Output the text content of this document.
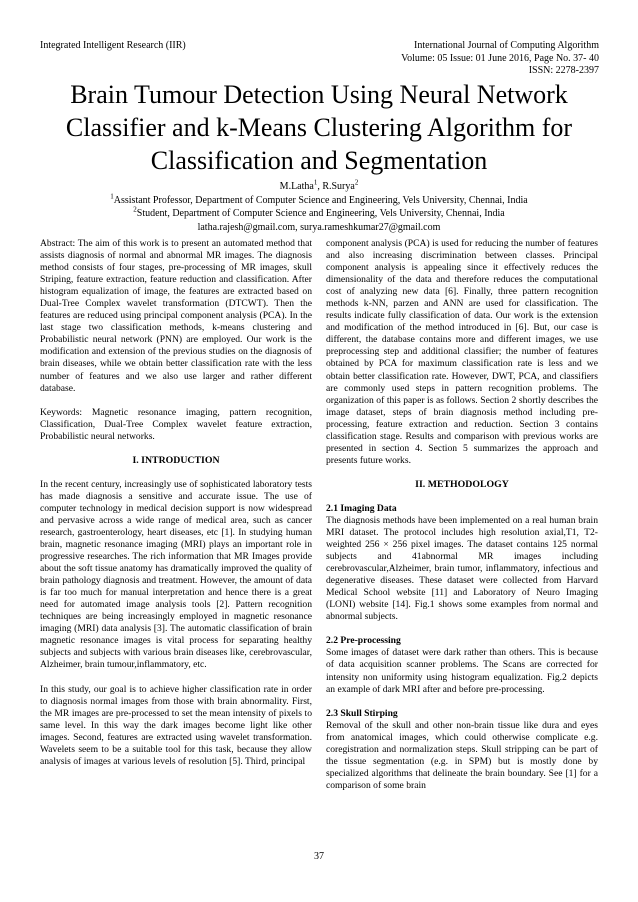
Integrated Intelligent Research (IIR)	International Journal of Computing Algorithm
Volume: 05 Issue: 01 June 2016, Page No. 37- 40
ISSN: 2278-2397
Brain Tumour Detection Using Neural Network
Classifier and k-Means Clustering Algorithm for
Classification and Segmentation
M.Latha$^1$, R.Surya$^2$
$^1$Assistant Professor, Department of Computer Science and Engineering, Vels University, Chennai, India
$^2$Student, Department of Computer Science and Engineering, Vels University, Chennai, India
latha.rajesh@gmail.com, surya.rameshkumar27@gmail.com

Abstract: The aim of this work is to present an automated method that assists diagnosis of normal and abnormal MR images. The diagnosis method consists of four stages, pre-processing of MR images, skull Striping, feature extraction, feature reduction and classification. After histogram equalization of image, the features are extracted based on Dual-Tree Complex wavelet transformation (DTCWT). Then the features are reduced using principal component analysis (PCA). In the last stage two classification methods, k-means clustering and Probabilistic neural network (PNN) are employed. Our work is the modification and extension of the previous studies on the diagnosis of brain diseases, while we obtain better classification rate with the less number of features and we also use larger and rather different database.

Keywords: Magnetic resonance imaging, pattern recognition, Classification, Dual-Tree Complex wavelet feature extraction, Probabilistic neural networks.

I. INTRODUCTION

In the recent century, increasingly use of sophisticated laboratory tests has made diagnosis a sensitive and accurate issue. The use of computer technology in medical decision support is now widespread and pervasive across a wide range of medical area, such as cancer research, gastroenterology, heart diseases, etc [1]. In studying human brain, magnetic resonance imaging (MRI) plays an important role in progressive researches. The rich information that MR Images provide about the soft tissue anatomy has dramatically improved the quality of brain pathology diagnosis and treatment. However, the amount of data is far too much for manual interpretation and hence there is a great need for automated image analysis tools [2]. Pattern recognition techniques are being increasingly employed in magnetic resonance imaging (MRI) data analysis [3]. The automatic classification of brain magnetic resonance images is vital process for separating healthy subjects and subjects with various brain diseases like, cerebrovascular, Alzheimer, brain tumour,inflammatory, etc.

In this study, our goal is to achieve higher classification rate in order to diagnosis normal images from those with brain abnormality. First, the MR images are pre-processed to set the mean intensity of pixels to same level. In this way the dark images become light like other images. Second, features are extracted using wavelet transformation. Wavelets seem to be a suitable tool for this task, because they allow analysis of images at various levels of resolution [5]. Third, principal

component analysis (PCA) is used for reducing the number of features and also increasing discrimination between classes. Principal component analysis is appealing since it effectively reduces the dimensionality of the data and therefore reduces the computational cost of analyzing new data [6]. Finally, three pattern recognition methods k-NN, parzen and ANN are used for classification. The results indicate fully classification of data. Our work is the extension and modification of the method introduced in [6]. But, our case is different, the database contains more and different images, we use preprocessing step and additional classifier; the number of features obtained by PCA for maximum classification rate is less and we obtain better classification rate. However, DWT, PCA, and classifiers are commonly used steps in pattern recognition problems. The organization of this paper is as follows. Section 2 shortly describes the image dataset, steps of brain diagnosis method including pre-processing, feature extraction and reduction. Section 3 contains classification stage. Results and comparison with previous works are presented in section 4. Section 5 summarizes the approach and presents future works.

II. METHODOLOGY
2.1 Imaging Data

The diagnosis methods have been implemented on a real human brain MRI dataset. The protocol includes high resolution axial,T1, T2-weighted 256 × 256 pixel images. The dataset contains 125 normal subjects and 41abnormal MR images including cerebrovascular,Alzheimer, brain tumor, inflammatory, infectious and degenerative diseases. These dataset were collected from Harvard Medical School website [11] and Laboratory of Neuro Imaging (LONI) website [14]. Fig.1 shows some examples from normal and abnormal subjects.

2.2 Pre-processing

Some images of dataset were dark rather than others. This is because of data acquisition scanner problems. The Scans are corrected for intensity non uniformity using histogram equalization. Fig.2 depicts an example of dark MRI after and before pre-processing.

2.3 Skull Stirping

Removal of the skull and other non-brain tissue like dura and eyes from anatomical images, which could otherwise complicate e.g. coregistration and normalization steps. Skull stripping can be part of the tissue segmentation (e.g. in SPM) but is mostly done by specialized algorithms that delineate the brain boundary. See [1] for a comparison of some brain

37
